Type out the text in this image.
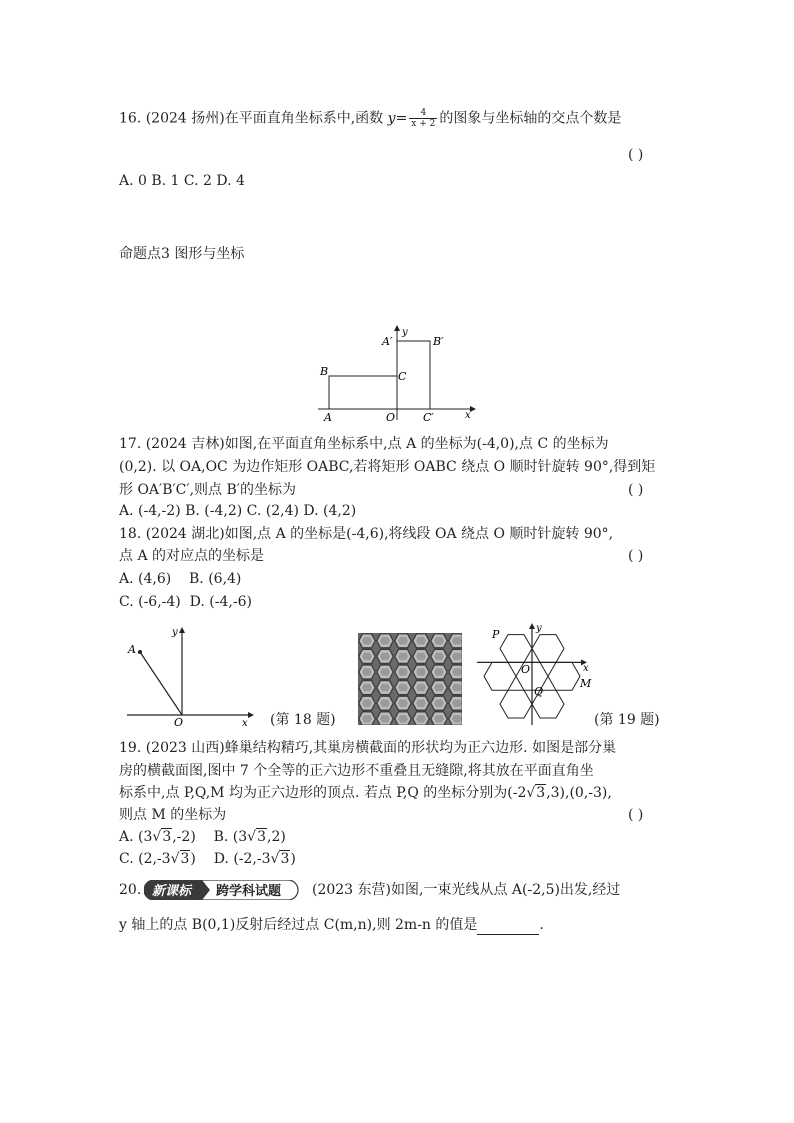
16. (2024 扬州)在平面直角坐标系中,函数 $y= \frac{4}{x + 2}$ 的图象与坐标轴的交点个数是
( )
A. 0 B. 1 C. 2 D. 4
命题点3 图形与坐标
y
x
A′	B′
B	C
A	O	C′
17. (2024 吉林)如图,在平面直角坐标系中,点 A 的坐标为(-4,0),点 C 的坐标为
(0,2). 以 OA,OC 为边作矩形 OABC,若将矩形 OABC 绕点 O 顺时针旋转 90°,得到矩
形 OA′B′C′,则点 B′的坐标为	( )
A. (-4,-2) B. (-4,2) C. (2,4) D. (4,2)
18. (2024 湖北)如图,点 A 的坐标是(-4,6),将线段 OA 绕点 O 顺时针旋转 90°,
点 A 的对应点的坐标是	( )
A. (4,6) B. (6,4)
C. (-6,-4) D. (-4,-6)
A
y
O	x (第 18 题)
P	y
x
O
Q
M
(第 19 题)
19. (2023 山西)蜂巢结构精巧,其巢房横截面的形状均为正六边形. 如图是部分巢
房的横截面图,图中 7 个全等的正六边形不重叠且无缝隙,将其放在平面直角坐
标系中,点 P,Q,M 均为正六边形的顶点. 若点 P,Q 的坐标分别为(-2√3,3),(0,-3),
则点 M 的坐标为	( )
A. (3√3,-2) B. (3√3,2)
C. (2,-3√3) D. (-2,-3√3)
20. 新课标 跨学科试题 (2023 东营)如图,一束光线从点 A(-2,5)出发,经过
y 轴上的点 B(0,1)反射后经过点 C(m,n),则 2m-n 的值是	.
